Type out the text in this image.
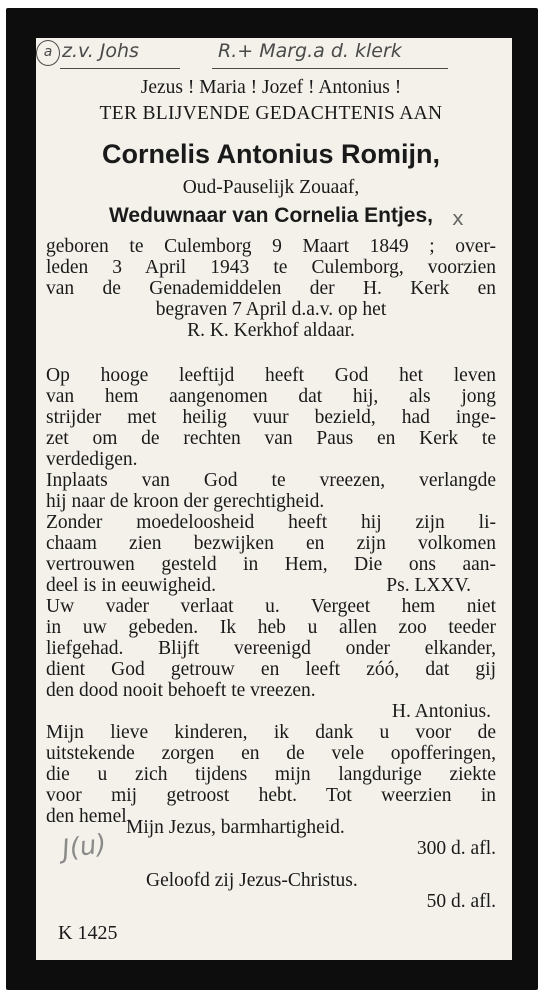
a z.v. Johs	R.+ Marg.a d. klerk
Jezus ! Maria ! Jozef ! Antonius !
TER BLIJVENDE GEDACHTENIS AAN
Cornelis Antonius Romijn,
Oud-Pauselijk Zouaaf,
Weduwnaar van Cornelia Entjes, x
geboren te Culemborg 9 Maart 1849 ; over-
leden 3 April 1943 te Culemborg, voorzien
van de Genademiddelen der H. Kerk en
begraven 7 April d.a.v. op het
R. K. Kerkhof aldaar.
Op hooge leeftijd heeft God het leven
van hem aangenomen dat hij, als jong
strijder met heilig vuur bezield, had inge-
zet om de rechten van Paus en Kerk te
verdedigen.
Inplaats van God te vreezen, verlangde
hij naar de kroon der gerechtigheid.
Zonder moedeloosheid heeft hij zijn li-
chaam zien bezwijken en zijn volkomen
vertrouwen gesteld in Hem, Die ons aan-
deel is in eeuwigheid.	Ps. LXXV.
Uw vader verlaat u. Vergeet hem niet
in uw gebeden. Ik heb u allen zoo teeder
liefgehad. Blijft vereenigd onder elkander,
dient God getrouw en leeft zóó, dat gij
den dood nooit behoeft te vreezen.
H. Antonius.
Mijn lieve kinderen, ik dank u voor de
uitstekende zorgen en de vele opofferingen,
die u zich tijdens mijn langdurige ziekte
voor mij getroost hebt. Tot weerzien in
den hemel.
Mijn Jezus, barmhartigheid.
300 d. afl.
J(u)
Geloofd zij Jezus-Christus.
50 d. afl.
K 1425
K 1675
